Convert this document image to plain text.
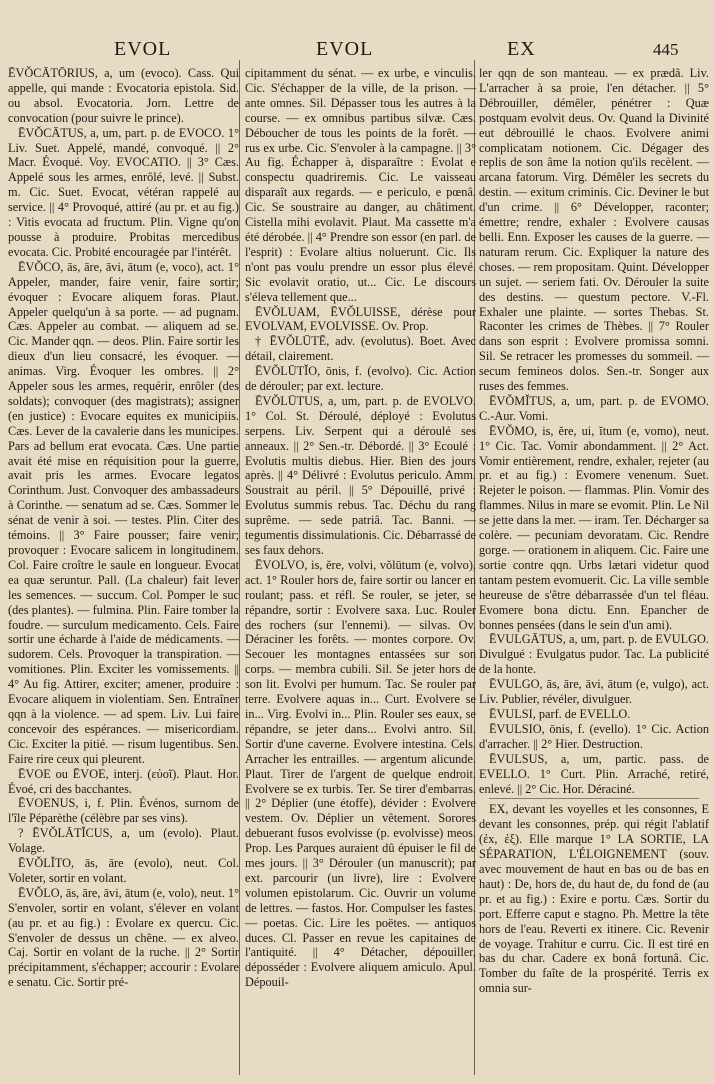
EVOL	EVOL	EX	445

ĒVŎCĀTŌRIUS, a, um (evoco). Cass. Qui appelle, qui mande : Evocatoria epistola. Sid. ou absol. Evocatoria. Jorn. Lettre de convocation (pour suivre le prince).

ĒVŎCĀTUS, a, um, part. p. de EVOCO. 1° Liv. Suet. Appelé, mandé, convoqué. || 2° Macr. Évoqué. Voy. EVOCATIO. || 3° Cæs. Appelé sous les armes, enrôlé, levé. || Subst. m. Cic. Suet. Evocat, vétéran rappelé au service. || 4° Provoqué, attiré (au pr. et au fig.) : Vitis evocata ad fructum. Plin. Vigne qu'on pousse à produire. Probitas mercedibus evocata. Cic. Probité encouragée par l'intérêt.

ĒVŎCO, ās, āre, āvi, ātum (e, voco), act. 1° Appeler, mander, faire venir, faire sortir; évoquer : Evocare aliquem foras. Plaut. Appeler quelqu'un à sa porte. — ad pugnam. Cæs. Appeler au combat. — aliquem ad se. Cic. Mander qqn. — deos. Plin. Faire sortir les dieux d'un lieu consacré, les évoquer. — animas. Virg. Évoquer les ombres. || 2° Appeler sous les armes, requérir, enrôler (des soldats); convoquer (des magistrats); assigner (en justice) : Evocare equites ex municipiis. Cæs. Lever de la cavalerie dans les municipes. Pars ad bellum erat evocata. Cæs. Une partie avait été mise en réquisition pour la guerre, avait pris les armes. Evocare legatos Corinthum. Just. Convoquer des ambassadeurs à Corinthe. — senatum ad se. Cæs. Sommer le sénat de venir à soi. — testes. Plin. Citer des témoins. || 3° Faire pousser; faire venir; provoquer : Evocare salicem in longitudinem. Col. Faire croître le saule en longueur. Evocat ea quæ seruntur. Pall. (La chaleur) fait lever les semences. — succum. Col. Pomper le suc (des plantes). — fulmina. Plin. Faire tomber la foudre. — surculum medicamento. Cels. Faire sortir une écharde à l'aide de médicaments. — sudorem. Cels. Provoquer la transpiration. — vomitiones. Plin. Exciter les vomissements. || 4° Au fig. Attirer, exciter; amener, produire : Evocare aliquem in violentiam. Sen. Entraîner qqn à la violence. — ad spem. Liv. Lui faire concevoir des espérances. — misericordiam. Cic. Exciter la pitié. — risum lugentibus. Sen. Faire rire ceux qui pleurent.

ĒVOE ou ĒVOE, interj. (εὐοῖ). Plaut. Hor. Évoé, cri des bacchantes.

ĒVOENUS, i, f. Plin. Événos, surnom de l'île Péparèthe (célèbre par ses vins).

? ĒVŎLĀTĬCUS, a, um (evolo). Plaut. Volage.

ĒVŎLĬTO, ās, āre (evolo), neut. Col. Voleter, sortir en volant.

ĒVŎLO, ās, āre, āvi, ātum (e, volo), neut. 1° S'envoler, sortir en volant, s'élever en volant (au pr. et au fig.) : Evolare ex quercu. Cic. S'envoler de dessus un chêne. — ex alveo. Caj. Sortir en volant de la ruche. || 2° Sortir précipitamment, s'échapper; accourir : Evolare e senatu. Cic. Sortir pré-

cipitamment du sénat. — ex urbe, e vinculis. Cic. S'échapper de la ville, de la prison. — ante omnes. Sil. Dépasser tous les autres à la course. — ex omnibus partibus silvæ. Cæs. Déboucher de tous les points de la forêt. — rus ex urbe. Cic. S'envoler à la campagne. || 3° Au fig. Échapper à, disparaître : Evolat e conspectu quadriremis. Cic. Le vaisseau disparaît aux regards. — e periculo, e pœnâ. Cic. Se soustraire au danger, au châtiment. Cistella mihi evolavit. Plaut. Ma cassette m'a été dérobée. || 4° Prendre son essor (en parl. de l'esprit) : Evolare altius noluerunt. Cic. Ils n'ont pas voulu prendre un essor plus élevé. Sic evolavit oratio, ut... Cic. Le discours s'éleva tellement que...

ĒVŎLUAM, ĒVŎLUISSE, dérèse pour EVOLVAM, EVOLVISSE. Ov. Prop.

† ĒVŎLŪTĒ, adv. (evolutus). Boet. Avec détail, clairement.

ĒVŎLŪTĬO, ōnis, f. (evolvo). Cic. Action de dérouler; par ext. lecture.

ĒVŎLŪTUS, a, um, part. p. de EVOLVO. 1° Col. St. Déroulé, déployé : Evolutus serpens. Liv. Serpent qui a déroulé ses anneaux. || 2° Sen.-tr. Débordé. || 3° Ecoulé : Evolutis multis diebus. Hier. Bien des jours après. || 4° Délivré : Evolutus periculo. Amm. Soustrait au péril. || 5° Dépouillé, privé : Evolutus summis rebus. Tac. Déchu du rang suprême. — sede patriâ. Tac. Banni. — tegumentis dissimulationis. Cic. Débarrassé de ses faux dehors.

ĒVOLVO, is, ĕre, volvi, vŏlūtum (e, volvo), act. 1° Rouler hors de, faire sortir ou lancer en roulant; pass. et réfl. Se rouler, se jeter, se répandre, sortir : Evolvere saxa. Luc. Rouler des rochers (sur l'ennemi). — silvas. Ov. Déraciner les forêts. — montes corpore. Ov. Secouer les montagnes entassées sur son corps. — membra cubili. Sil. Se jeter hors de son lit. Evolvi per humum. Tac. Se rouler par terre. Evolvere aquas in... Curt. Evolvere se in... Virg. Evolvi in... Plin. Rouler ses eaux, se répandre, se jeter dans... Evolvi antro. Sil. Sortir d'une caverne. Evolvere intestina. Cels. Arracher les entrailles. — argentum alicunde. Plaut. Tirer de l'argent de quelque endroit. Evolvere se ex turbis. Ter. Se tirer d'embarras. || 2° Déplier (une étoffe), dévider : Evolvere vestem. Ov. Déplier un vêtement. Sorores debuerant fusos evolvisse (p. evolvisse) meos. Prop. Les Parques auraient dû épuiser le fil de mes jours. || 3° Dérouler (un manuscrit); par ext. parcourir (un livre), lire : Evolvere volumen epistolarum. Cic. Ouvrir un volume de lettres. — fastos. Hor. Compulser les fastes. — poetas. Cic. Lire les poëtes. — antiquos duces. Cl. Passer en revue les capitaines de l'antiquité. || 4° Détacher, dépouiller, déposséder : Evolvere aliquem amiculo. Apul. Dépouil-

ler qqn de son manteau. — ex prædâ. Liv. L'arracher à sa proie, l'en détacher. || 5° Débrouiller, démêler, pénétrer : Quæ postquam evolvit deus. Ov. Quand la Divinité eut débrouillé le chaos. Evolvere animi complicatam notionem. Cic. Dégager des replis de son âme la notion qu'ils recèlent. — arcana fatorum. Virg. Démêler les secrets du destin. — exitum criminis. Cic. Deviner le but d'un crime. || 6° Développer, raconter; émettre; rendre, exhaler : Evolvere causas belli. Enn. Exposer les causes de la guerre. — naturam rerum. Cic. Expliquer la nature des choses. — rem propositam. Quint. Développer un sujet. — seriem fati. Ov. Dérouler la suite des destins. — questum pectore. V.-Fl. Exhaler une plainte. — sortes Thebas. St. Raconter les crimes de Thèbes. || 7° Rouler dans son esprit : Evolvere promissa somni. Sil. Se retracer les promesses du sommeil. — secum femineos dolos. Sen.-tr. Songer aux ruses des femmes.

ĒVŎMĬTUS, a, um, part. p. de EVOMO. C.-Aur. Vomi.

ĒVŎMO, is, ĕre, ui, ĭtum (e, vomo), neut. 1° Cic. Tac. Vomir abondamment. || 2° Act. Vomir entièrement, rendre, exhaler, rejeter (au pr. et au fig.) : Evomere venenum. Suet. Rejeter le poison. — flammas. Plin. Vomir des flammes. Nilus in mare se evomit. Plin. Le Nil se jette dans la mer. — iram. Ter. Décharger sa colère. — pecuniam devoratam. Cic. Rendre gorge. — orationem in aliquem. Cic. Faire une sortie contre qqn. Urbs lætari videtur quod tantam pestem evomuerit. Cic. La ville semble heureuse de s'être débarrassée d'un tel fléau. Evomere bona dictu. Enn. Epancher de bonnes pensées (dans le sein d'un ami).

ĒVULGĀTUS, a, um, part. p. de EVULGO. Divulgué : Evulgatus pudor. Tac. La publicité de la honte.

ĒVULGO, ās, āre, āvi, ātum (e, vulgo), act. Liv. Publier, révéler, divulguer.

ĒVULSI, parf. de EVELLO.

ĒVULSIO, ōnis, f. (evello). 1° Cic. Action d'arracher. || 2° Hier. Destruction.

ĒVULSUS, a, um, partic. pass. de EVELLO. 1° Curt. Plin. Arraché, retiré, enlevé. || 2° Cic. Hor. Déraciné.

EX, devant les voyelles et les consonnes, E devant les consonnes, prép. qui régit l'ablatif (ἐx, ἐξ). Elle marque 1° LA SORTIE, LA SÉPARATION, L'ÉLOIGNEMENT (souv. avec mouvement de haut en bas ou de bas en haut) : De, hors de, du haut de, du fond de (au pr. et au fig.) : Exire e portu. Cæs. Sortir du port. Efferre caput e stagno. Ph. Mettre la tête hors de l'eau. Reverti ex itinere. Cic. Revenir de voyage. Trahitur e curru. Cic. Il est tiré en bas du char. Cadere ex bonâ fortunâ. Cic. Tomber du faîte de la prospérité. Terris ex omnia sur-
